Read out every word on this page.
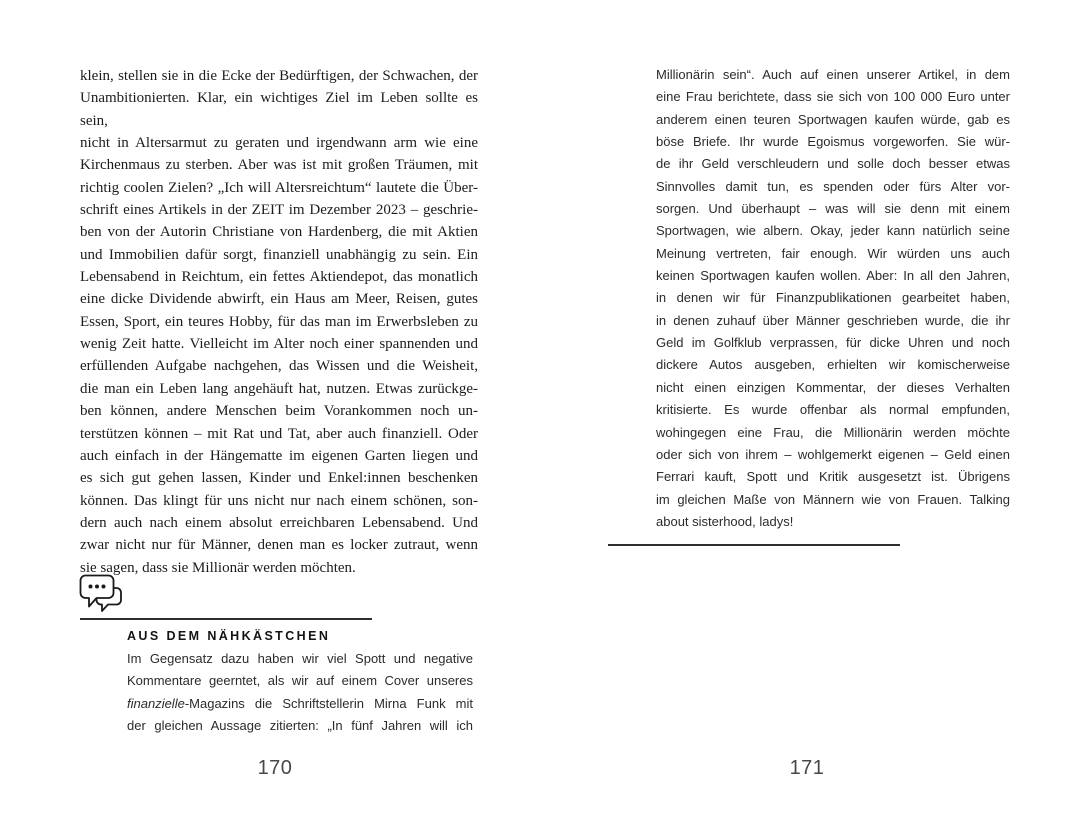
klein, stellen sie in die Ecke der Bedürftigen, der Schwachen, der
Unambitionierten. Klar, ein wichtiges Ziel im Leben sollte es sein,
nicht in Altersarmut zu geraten und irgendwann arm wie eine
Kirchenmaus zu sterben. Aber was ist mit großen Träumen, mit
richtig coolen Zielen? „Ich will Altersreichtum“ lautete die Über-
schrift eines Artikels in der ZEIT im Dezember 2023 – geschrie-
ben von der Autorin Christiane von Hardenberg, die mit Aktien
und Immobilien dafür sorgt, finanziell unabhängig zu sein. Ein
Lebensabend in Reichtum, ein fettes Aktiendepot, das monatlich
eine dicke Dividende abwirft, ein Haus am Meer, Reisen, gutes
Essen, Sport, ein teures Hobby, für das man im Erwerbsleben zu
wenig Zeit hatte. Vielleicht im Alter noch einer spannenden und
erfüllenden Aufgabe nachgehen, das Wissen und die Weisheit,
die man ein Leben lang angehäuft hat, nutzen. Etwas zurückge-
ben können, andere Menschen beim Vorankommen noch un-
terstützen können – mit Rat und Tat, aber auch finanziell. Oder
auch einfach in der Hängematte im eigenen Garten liegen und
es sich gut gehen lassen, Kinder und Enkel:innen beschenken
können. Das klingt für uns nicht nur nach einem schönen, son-
dern auch nach einem absolut erreichbaren Lebensabend. Und
zwar nicht nur für Männer, denen man es locker zutraut, wenn
sie sagen, dass sie Millionär werden möchten.
AUS DEM NÄHKÄSTCHEN
Im Gegensatz dazu haben wir viel Spott und negative
Kommentare geerntet, als wir auf einem Cover unseres
finanzielle-Magazins die Schriftstellerin Mirna Funk mit
der gleichen Aussage zitierten: „In fünf Jahren will ich
170
Millionärin sein“. Auch auf einen unserer Artikel, in dem
eine Frau berichtete, dass sie sich von 100 000 Euro unter
anderem einen teuren Sportwagen kaufen würde, gab es
böse Briefe. Ihr wurde Egoismus vorgeworfen. Sie wür-
de ihr Geld verschleudern und solle doch besser etwas
Sinnvolles damit tun, es spenden oder fürs Alter vor-
sorgen. Und überhaupt – was will sie denn mit einem
Sportwagen, wie albern. Okay, jeder kann natürlich seine
Meinung vertreten, fair enough. Wir würden uns auch
keinen Sportwagen kaufen wollen. Aber: In all den Jahren,
in denen wir für Finanzpublikationen gearbeitet haben,
in denen zuhauf über Männer geschrieben wurde, die ihr
Geld im Golfklub verprassen, für dicke Uhren und noch
dickere Autos ausgeben, erhielten wir komischerweise
nicht einen einzigen Kommentar, der dieses Verhalten
kritisierte. Es wurde offenbar als normal empfunden,
wohingegen eine Frau, die Millionärin werden möchte
oder sich von ihrem – wohlgemerkt eigenen – Geld einen
Ferrari kauft, Spott und Kritik ausgesetzt ist. Übrigens
im gleichen Maße von Männern wie von Frauen. Talking
about sisterhood, ladys!
171
